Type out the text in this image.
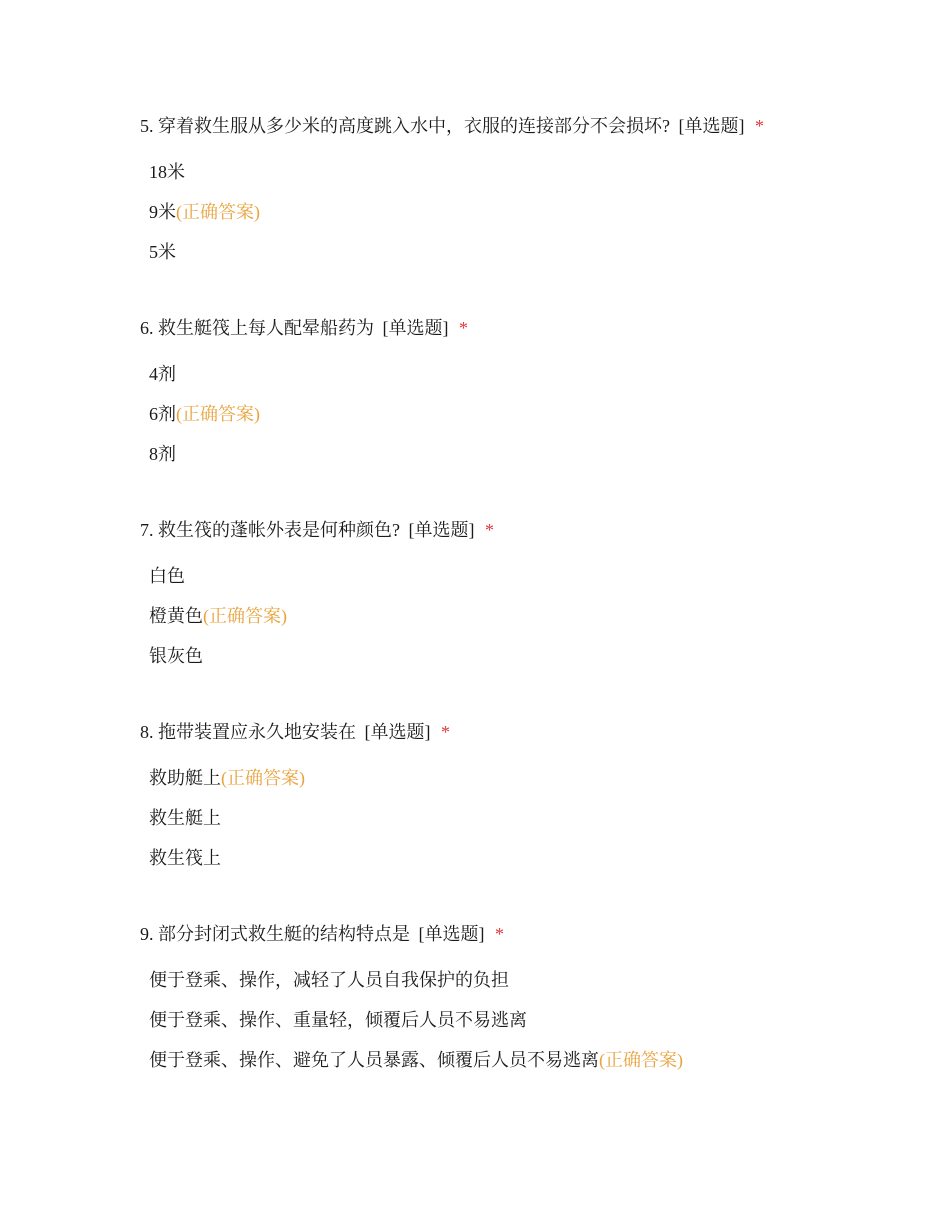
5. 穿着救生服从多少米的高度跳入水中，衣服的连接部分不会损坏? [单选题] *
18米
9米(正确答案)
5米
6. 救生艇筏上每人配晕船药为 [单选题] *
4剂
6剂(正确答案)
8剂
7. 救生筏的蓬帐外表是何种颜色? [单选题] *
白色
橙黄色(正确答案)
银灰色
8. 拖带装置应永久地安装在 [单选题] *
救助艇上(正确答案)
救生艇上
救生筏上
9. 部分封闭式救生艇的结构特点是 [单选题] *
便于登乘、操作，减轻了人员自我保护的负担
便于登乘、操作、重量轻，倾覆后人员不易逃离
便于登乘、操作、避免了人员暴露、倾覆后人员不易逃离(正确答案)
